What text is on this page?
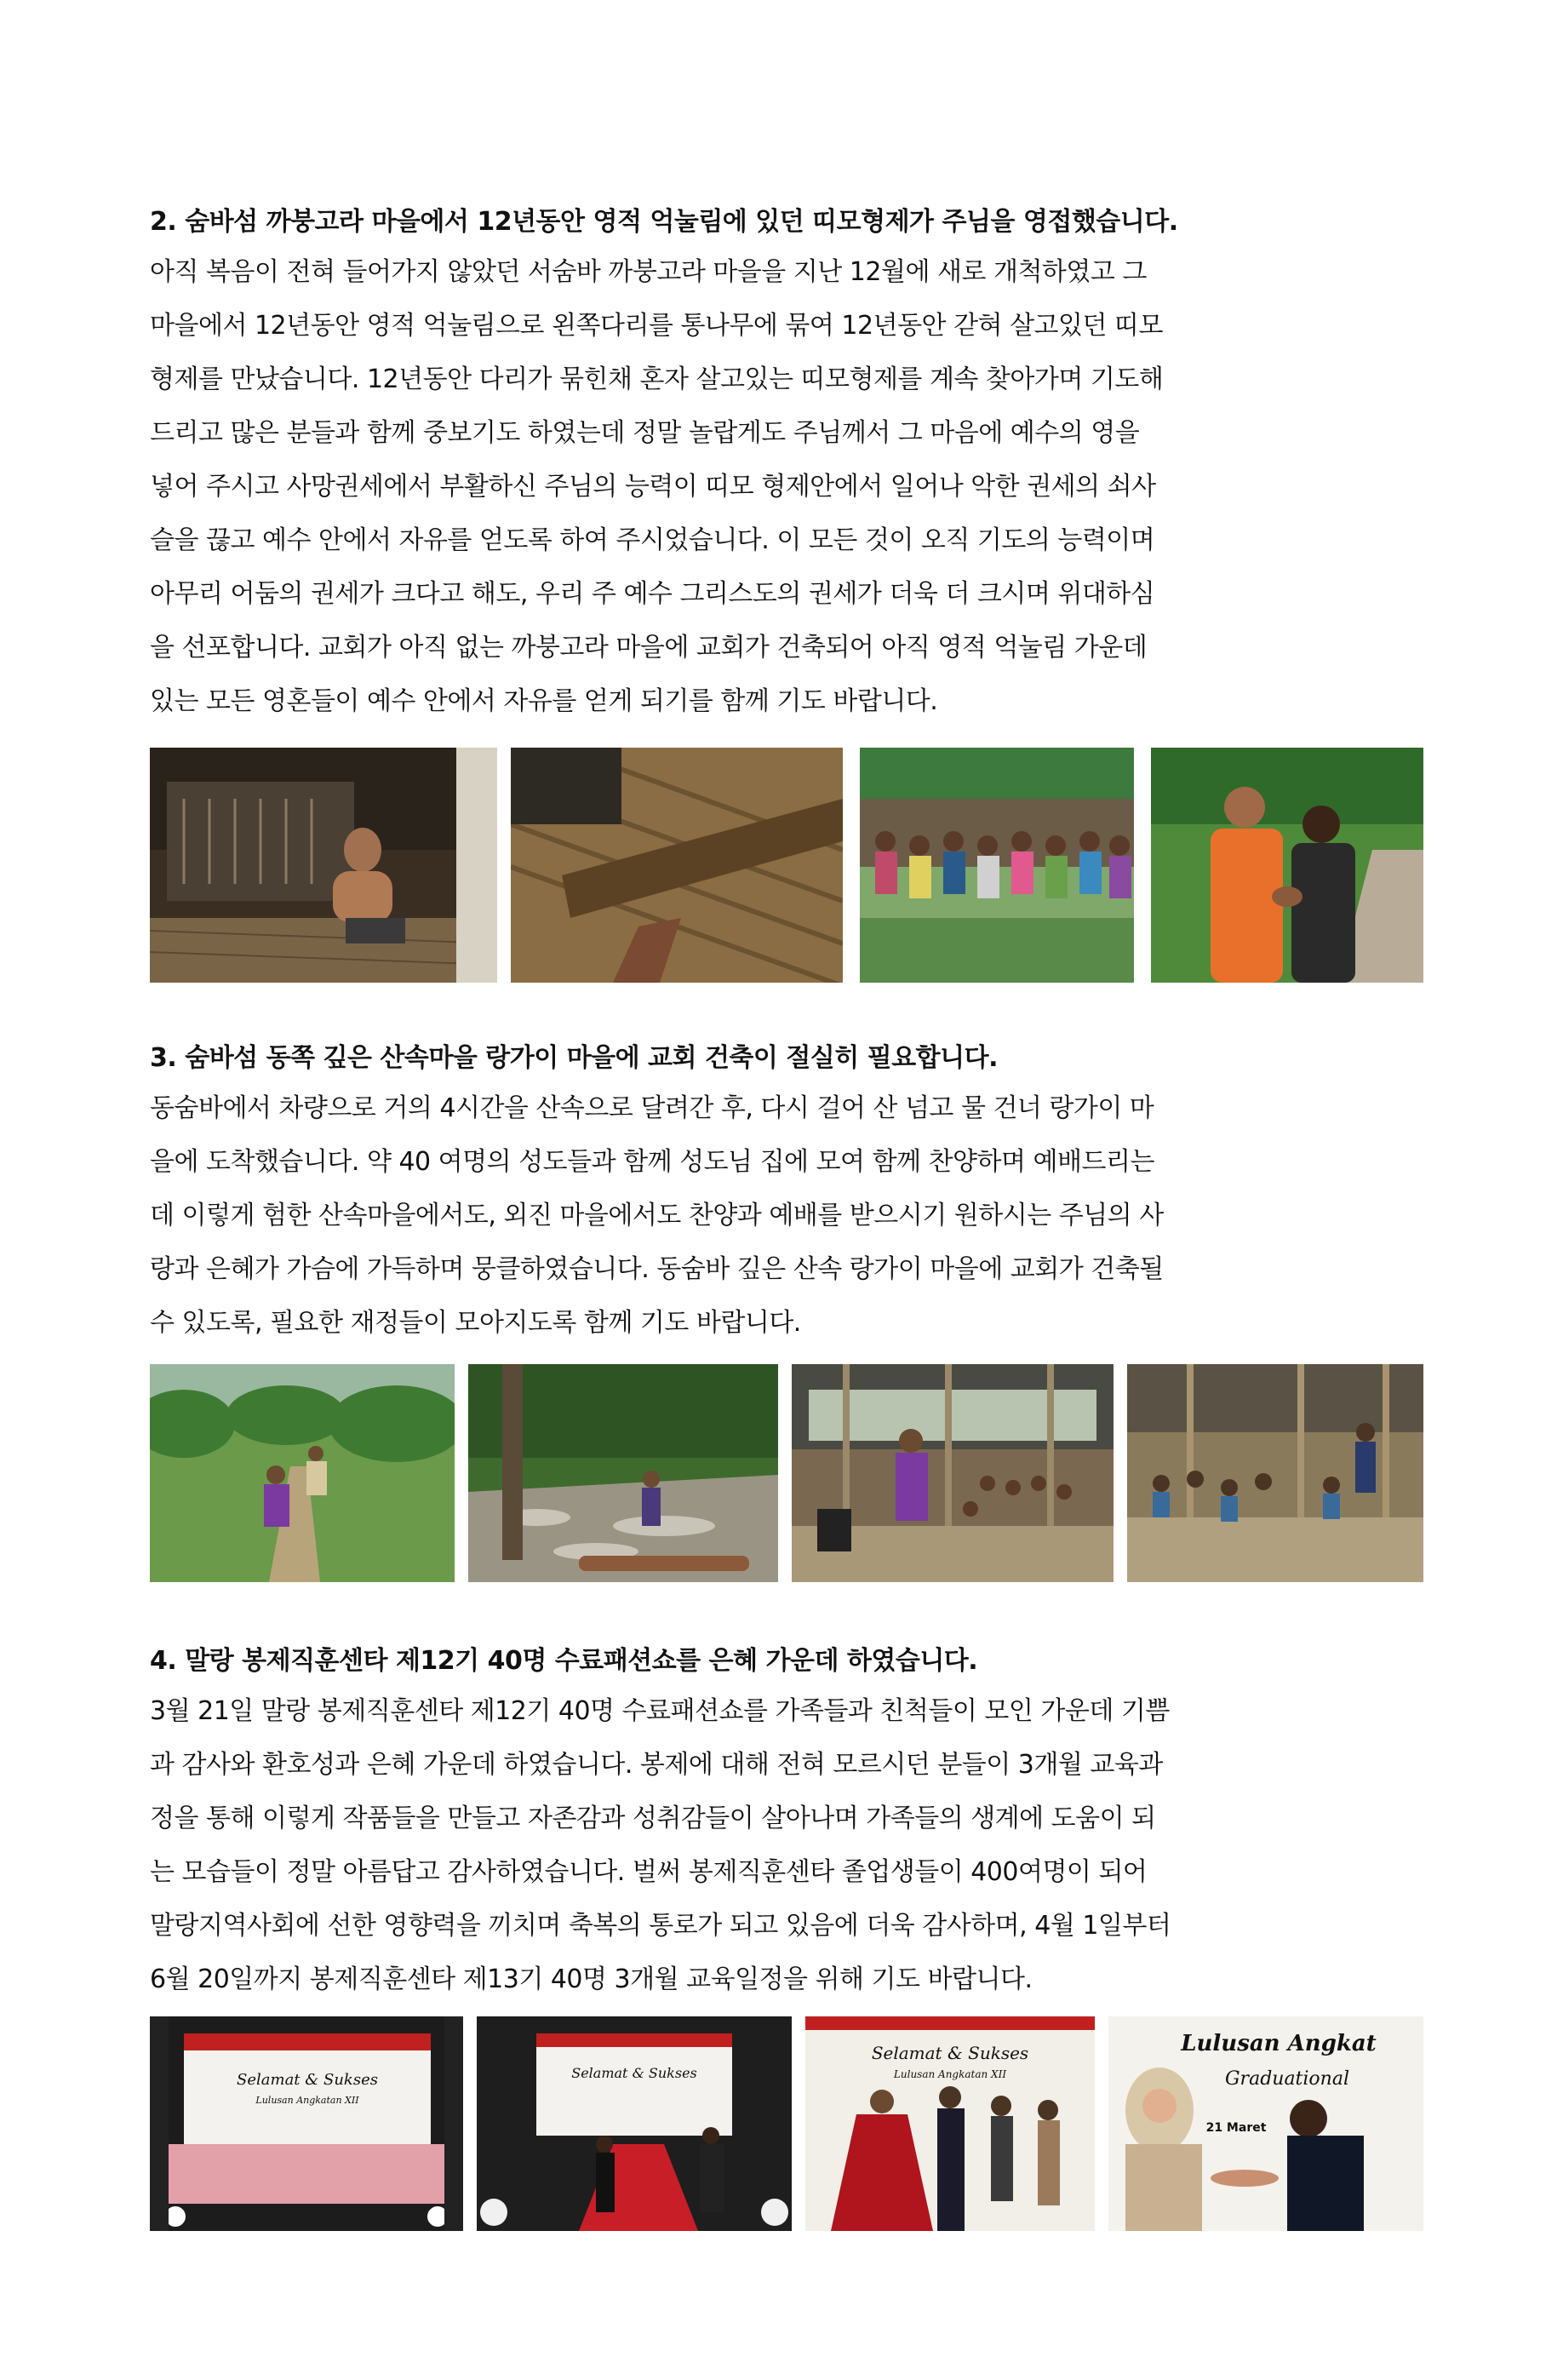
2. 숨바섬 까붕고라 마을에서 12년동안 영적 억눌림에 있던 띠모형제가 주님을 영접했습니다.

아직 복음이 전혀 들어가지 않았던 서숨바 까붕고라 마을을 지난 12월에 새로 개척하였고 그

마을에서 12년동안 영적 억눌림으로 왼쪽다리를 통나무에 묶여 12년동안 갇혀 살고있던 띠모

형제를 만났습니다. 12년동안 다리가 묶힌채 혼자 살고있는 띠모형제를 계속 찾아가며 기도해

드리고 많은 분들과 함께 중보기도 하였는데 정말 놀랍게도 주님께서 그 마음에 예수의 영을

넣어 주시고 사망권세에서 부활하신 주님의 능력이 띠모 형제안에서 일어나 악한 권세의 쇠사

슬을 끊고 예수 안에서 자유를 얻도록 하여 주시었습니다. 이 모든 것이 오직 기도의 능력이며

아무리 어둠의 권세가 크다고 해도, 우리 주 예수 그리스도의 권세가 더욱 더 크시며 위대하심

을 선포합니다. 교회가 아직 없는 까붕고라 마을에 교회가 건축되어 아직 영적 억눌림 가운데

있는 모든 영혼들이 예수 안에서 자유를 얻게 되기를 함께 기도 바랍니다.

3. 숨바섬 동쪽 깊은 산속마을 랑가이 마을에 교회 건축이 절실히 필요합니다.

동숨바에서 차량으로 거의 4시간을 산속으로 달려간 후, 다시 걸어 산 넘고 물 건너 랑가이 마

을에 도착했습니다. 약 40 여명의 성도들과 함께 성도님 집에 모여 함께 찬양하며 예배드리는

데 이렇게 험한 산속마을에서도, 외진 마을에서도 찬양과 예배를 받으시기 원하시는 주님의 사

랑과 은혜가 가슴에 가득하며 뭉클하였습니다. 동숨바 깊은 산속 랑가이 마을에 교회가 건축될

수 있도록, 필요한 재정들이 모아지도록 함께 기도 바랍니다.

4. 말랑 봉제직훈센타 제12기 40명 수료패션쇼를 은혜 가운데 하였습니다.

3월 21일 말랑 봉제직훈센타 제12기 40명 수료패션쇼를 가족들과 친척들이 모인 가운데 기쁨

과 감사와 환호성과 은혜 가운데 하였습니다. 봉제에 대해 전혀 모르시던 분들이 3개월 교육과

정을 통해 이렇게 작품들을 만들고 자존감과 성취감들이 살아나며 가족들의 생계에 도움이 되

는 모습들이 정말 아름답고 감사하였습니다. 벌써 봉제직훈센타 졸업생들이 400여명이 되어

말랑지역사회에 선한 영향력을 끼치며 축복의 통로가 되고 있음에 더욱 감사하며, 4월 1일부터

6월 20일까지 봉제직훈센타 제13기 40명 3개월 교육일정을 위해 기도 바랍니다.

Selamat & Sukses
Lulusan Angkatan XII
Selamat & Sukses
Selamat & Sukses
Lulusan Angkatan XII
Lulusan Angkat
Graduational
21 Maret
